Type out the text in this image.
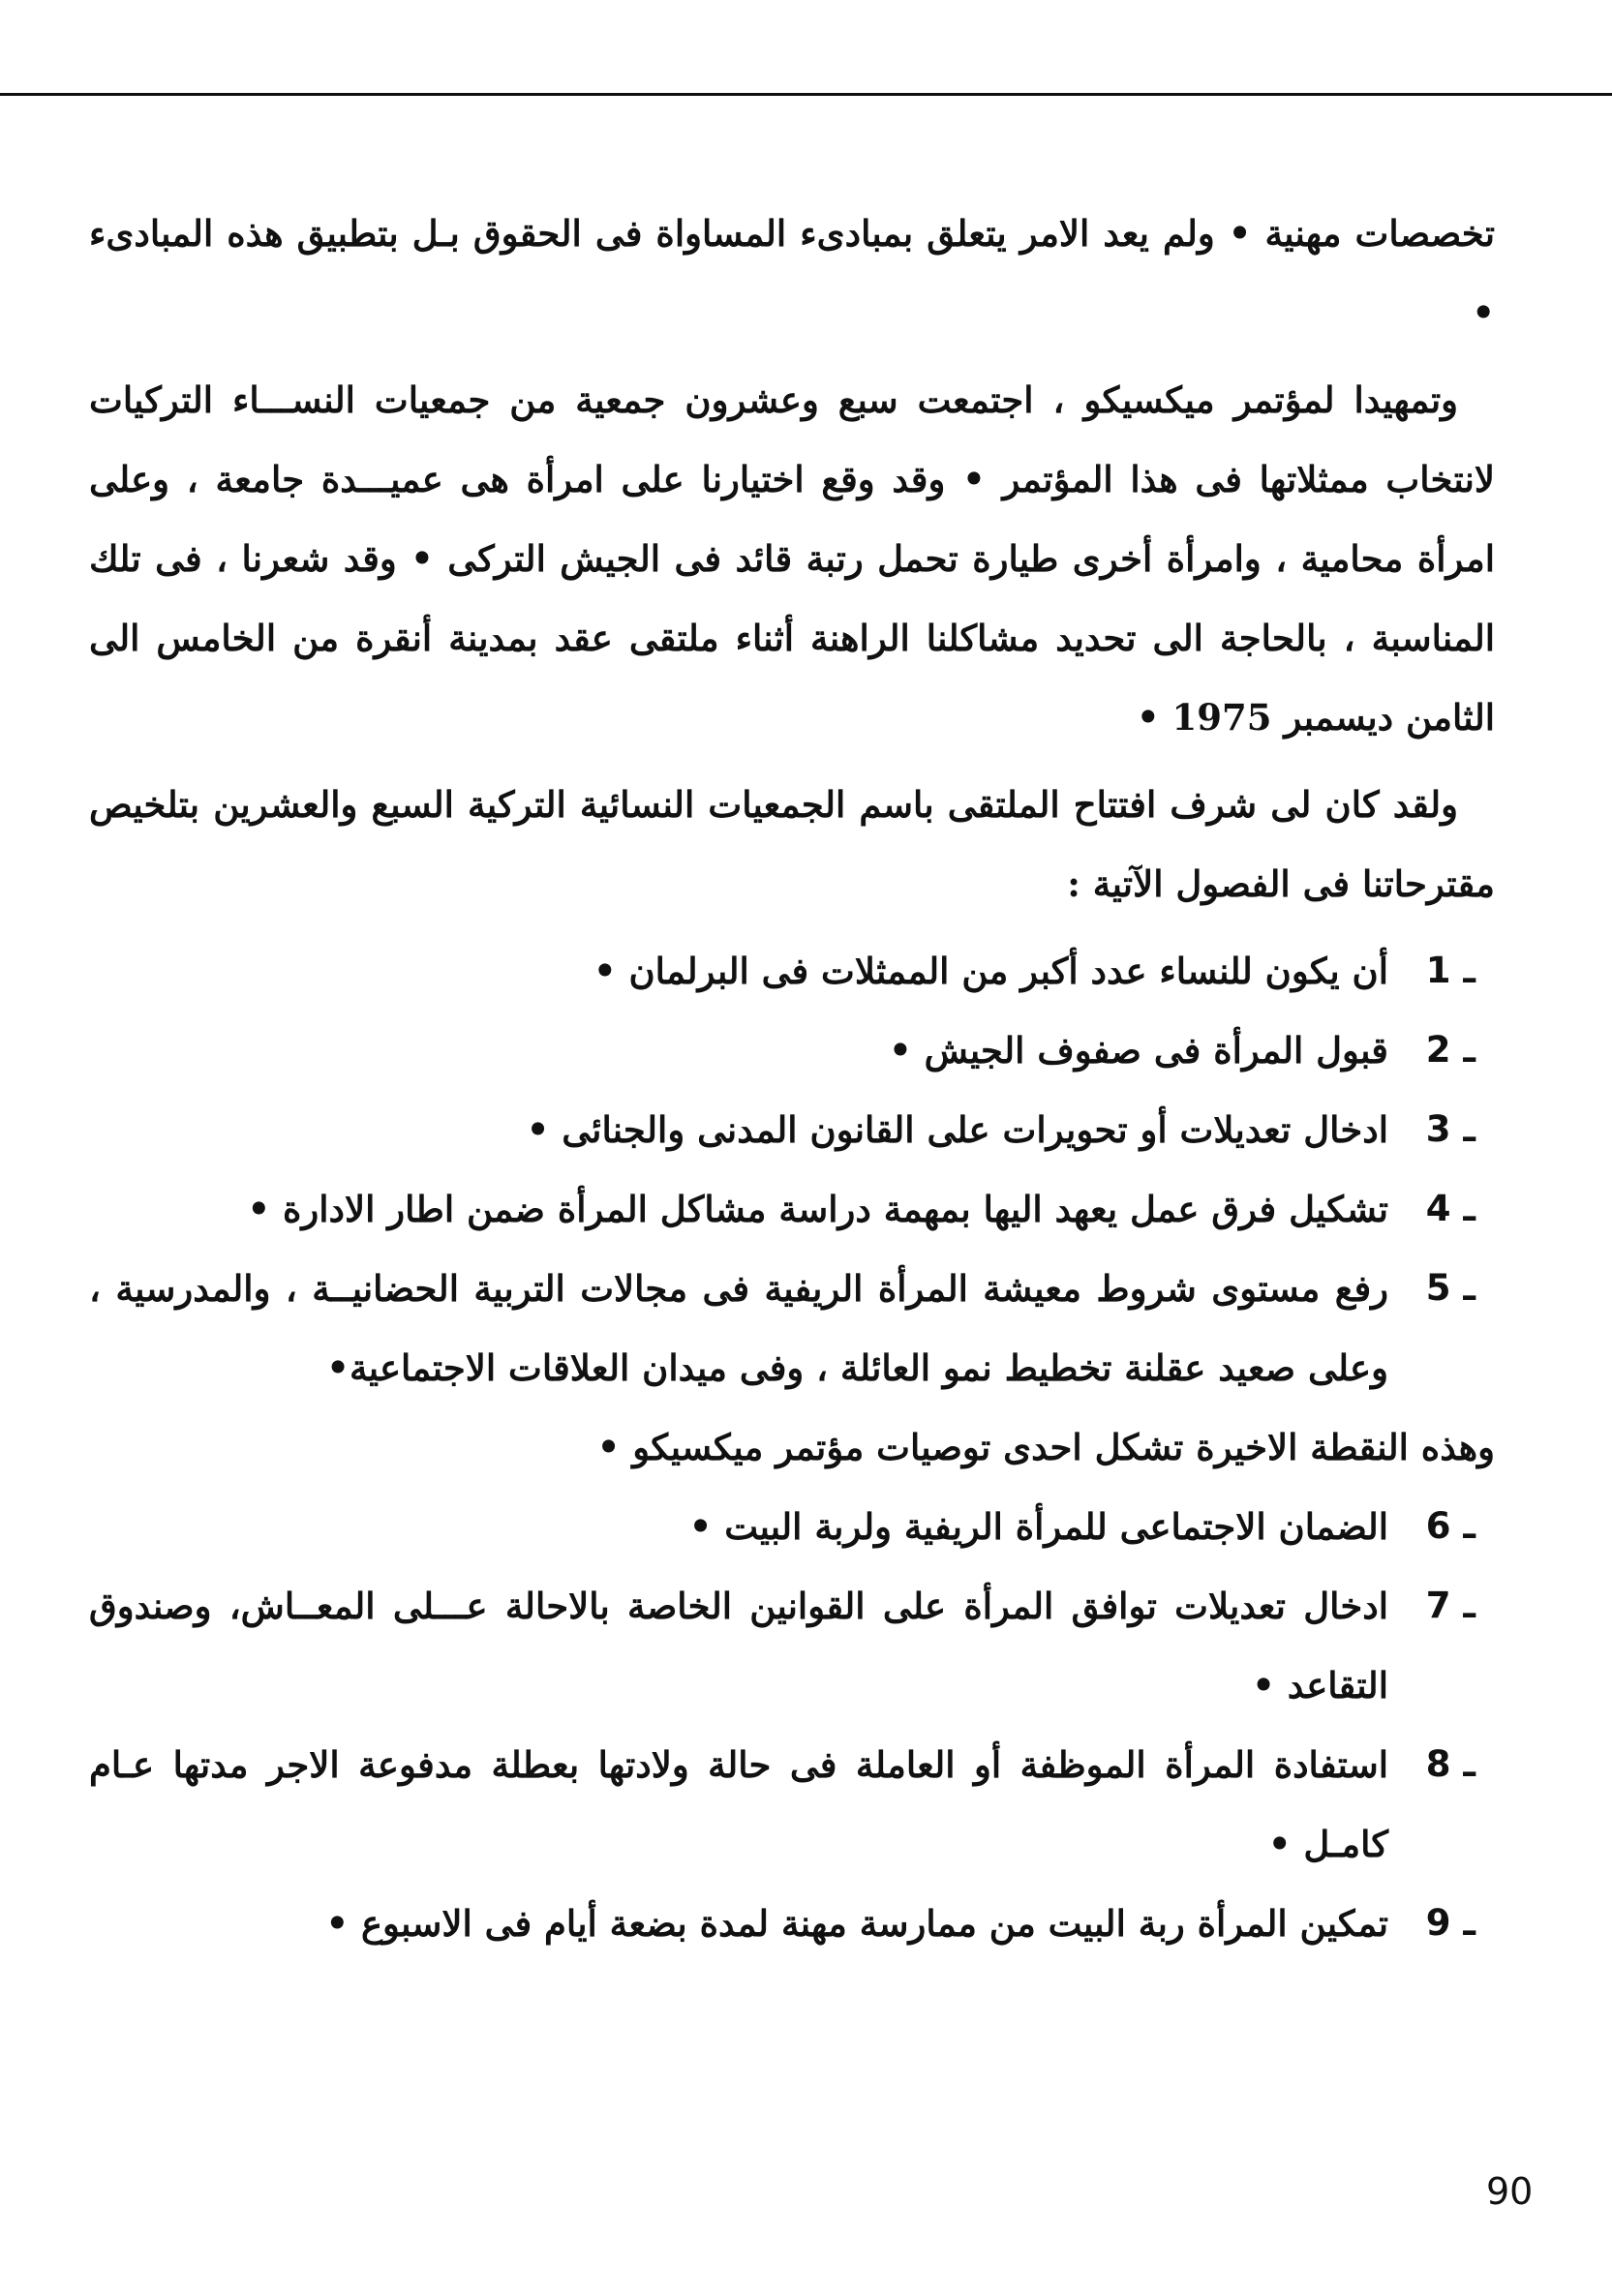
تخصصات مهنية • ولم يعد الامر يتعلق بمبادىء المساواة فى الحقوق بـل بتطبيق هذه المبادىء •

وتمهيدا لمؤتمر ميكسيكو ، اجتمعت سبع وعشرون جمعية من جمعيات النســـاء التركيات لانتخاب ممثلاتها فى هذا المؤتمر • وقد وقع اختيارنا على امرأة هى عميـــدة جامعة ، وعلى امرأة محامية ، وامرأة أخرى طيارة تحمل رتبة قائد فى الجيش التركى • وقد شعرنا ، فى تلك المناسبة ، بالحاجة الى تحديد مشاكلنا الراهنة أثناء ملتقى عقد بمدينة أنقرة من الخامس الى الثامن ديسمبر 1975 •

ولقد كان لى شرف افتتاح الملتقى باسم الجمعيات النسائية التركية السبع والعشرين بتلخيص مقترحاتنا فى الفصول الآتية :

1 ـ
أن يكون للنساء عدد أكبر من الممثلات فى البرلمان •
2 ـ
قبول المرأة فى صفوف الجيش •
3 ـ
ادخال تعديلات أو تحويرات على القانون المدنى والجنائى •
4 ـ
تشكيل فرق عمل يعهد اليها بمهمة دراسة مشاكل المرأة ضمن اطار الادارة •
5 ـ
رفع مستوى شروط معيشة المرأة الريفية فى مجالات التربية الحضانيــة ، والمدرسية ، وعلى صعيد عقلنة تخطيط نمو العائلة ، وفى ميدان العلاقات الاجتماعية•

وهذه النقطة الاخيرة تشكل احدى توصيات مؤتمر ميكسيكو •

6 ـ
الضمان الاجتماعى للمرأة الريفية ولربة البيت •
7 ـ
ادخال تعديلات توافق المرأة على القوانين الخاصة بالاحالة عـــلى المعــاش، وصندوق التقاعد •
8 ـ
استفادة المرأة الموظفة أو العاملة فى حالة ولادتها بعطلة مدفوعة الاجر مدتها عـام كامـل •
9 ـ
تمكين المرأة ربة البيت من ممارسة مهنة لمدة بضعة أيام فى الاسبوع •
90
